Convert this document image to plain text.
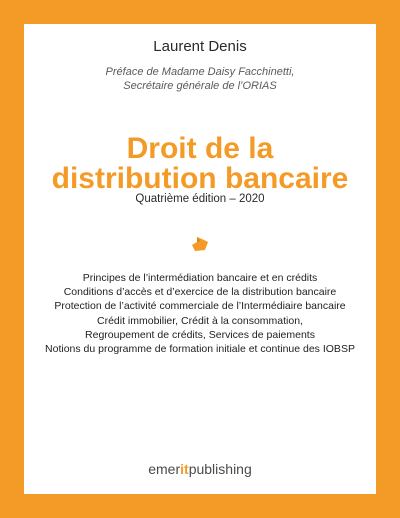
Laurent Denis
Préface de Madame Daisy Facchinetti,
Secrétaire générale de l’ORIAS
Droit de la
distribution bancaire
Quatrième édition – 2020
Principes de l’intermédiation bancaire et en crédits
Conditions d’accès et d’exercice de la distribution bancaire
Protection de l’activité commerciale de l’Intermédiaire bancaire
Crédit immobilier, Crédit à la consommation,
Regroupement de crédits, Services de paiements
Notions du programme de formation initiale et continue des IOBSP
emeritpublishing
